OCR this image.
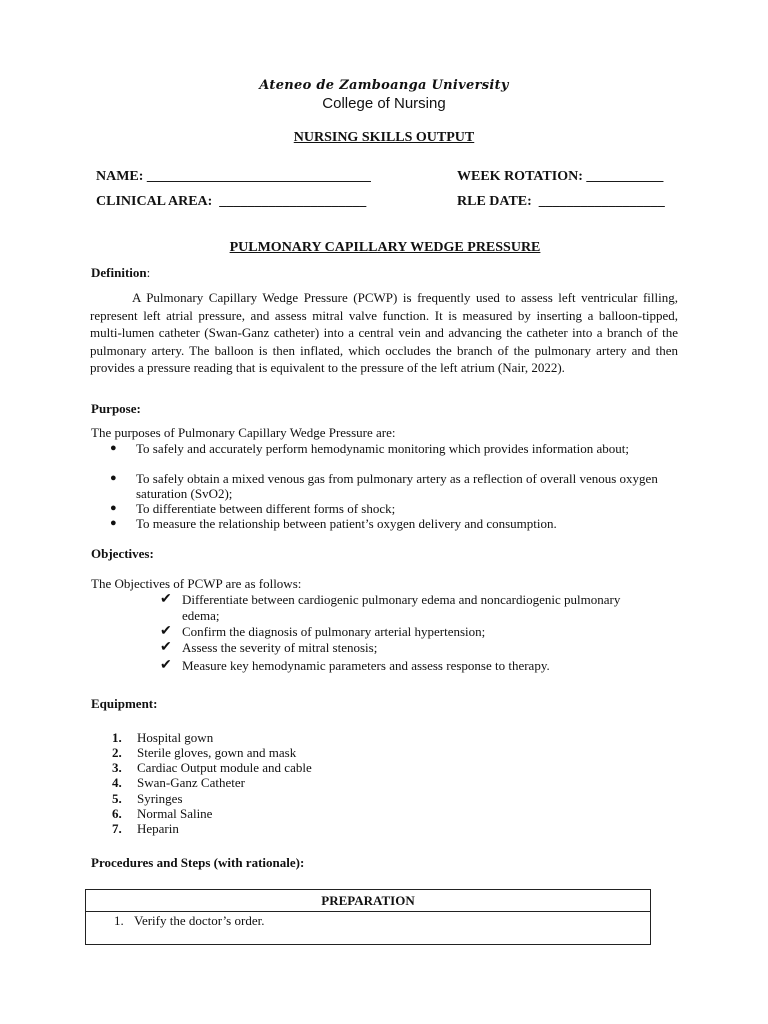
Ateneo de Zamboanga University
College of Nursing
NURSING SKILLS OUTPUT
NAME: ________________________________	WEEK ROTATION: ___________
CLINICAL AREA:  _____________________	RLE DATE:  __________________
PULMONARY CAPILLARY WEDGE PRESSURE
Definition:
A Pulmonary Capillary Wedge Pressure (PCWP) is frequently used to assess left ventricular filling, represent left atrial pressure, and assess mitral valve function. It is measured by inserting a balloon-tipped, multi-lumen catheter (Swan-Ganz catheter) into a central vein and advancing the catheter into a branch of the pulmonary artery. The balloon is then inflated, which occludes the branch of the pulmonary artery and then provides a pressure reading that is equivalent to the pressure of the left atrium (Nair, 2022).
Purpose:
The purposes of Pulmonary Capillary Wedge Pressure are:
● To safely and accurately perform hemodynamic monitoring which provides information about;
● To safely obtain a mixed venous gas from pulmonary artery as a reflection of overall venous oxygen saturation (SvO2);
● To differentiate between different forms of shock;
● To measure the relationship between patient’s oxygen delivery and consumption.
Objectives:
The Objectives of PCWP are as follows:
✔ Differentiate between cardiogenic pulmonary edema and noncardiogenic pulmonary edema;
✔ Confirm the diagnosis of pulmonary arterial hypertension;
✔ Assess the severity of mitral stenosis;
✔ Measure key hemodynamic parameters and assess response to therapy.
Equipment:
1. Hospital gown
2. Sterile gloves, gown and mask
3. Cardiac Output module and cable
4. Swan-Ganz Catheter
5. Syringes
6. Normal Saline
7. Heparin
Procedures and Steps (with rationale):
PREPARATION
1. Verify the doctor’s order.
